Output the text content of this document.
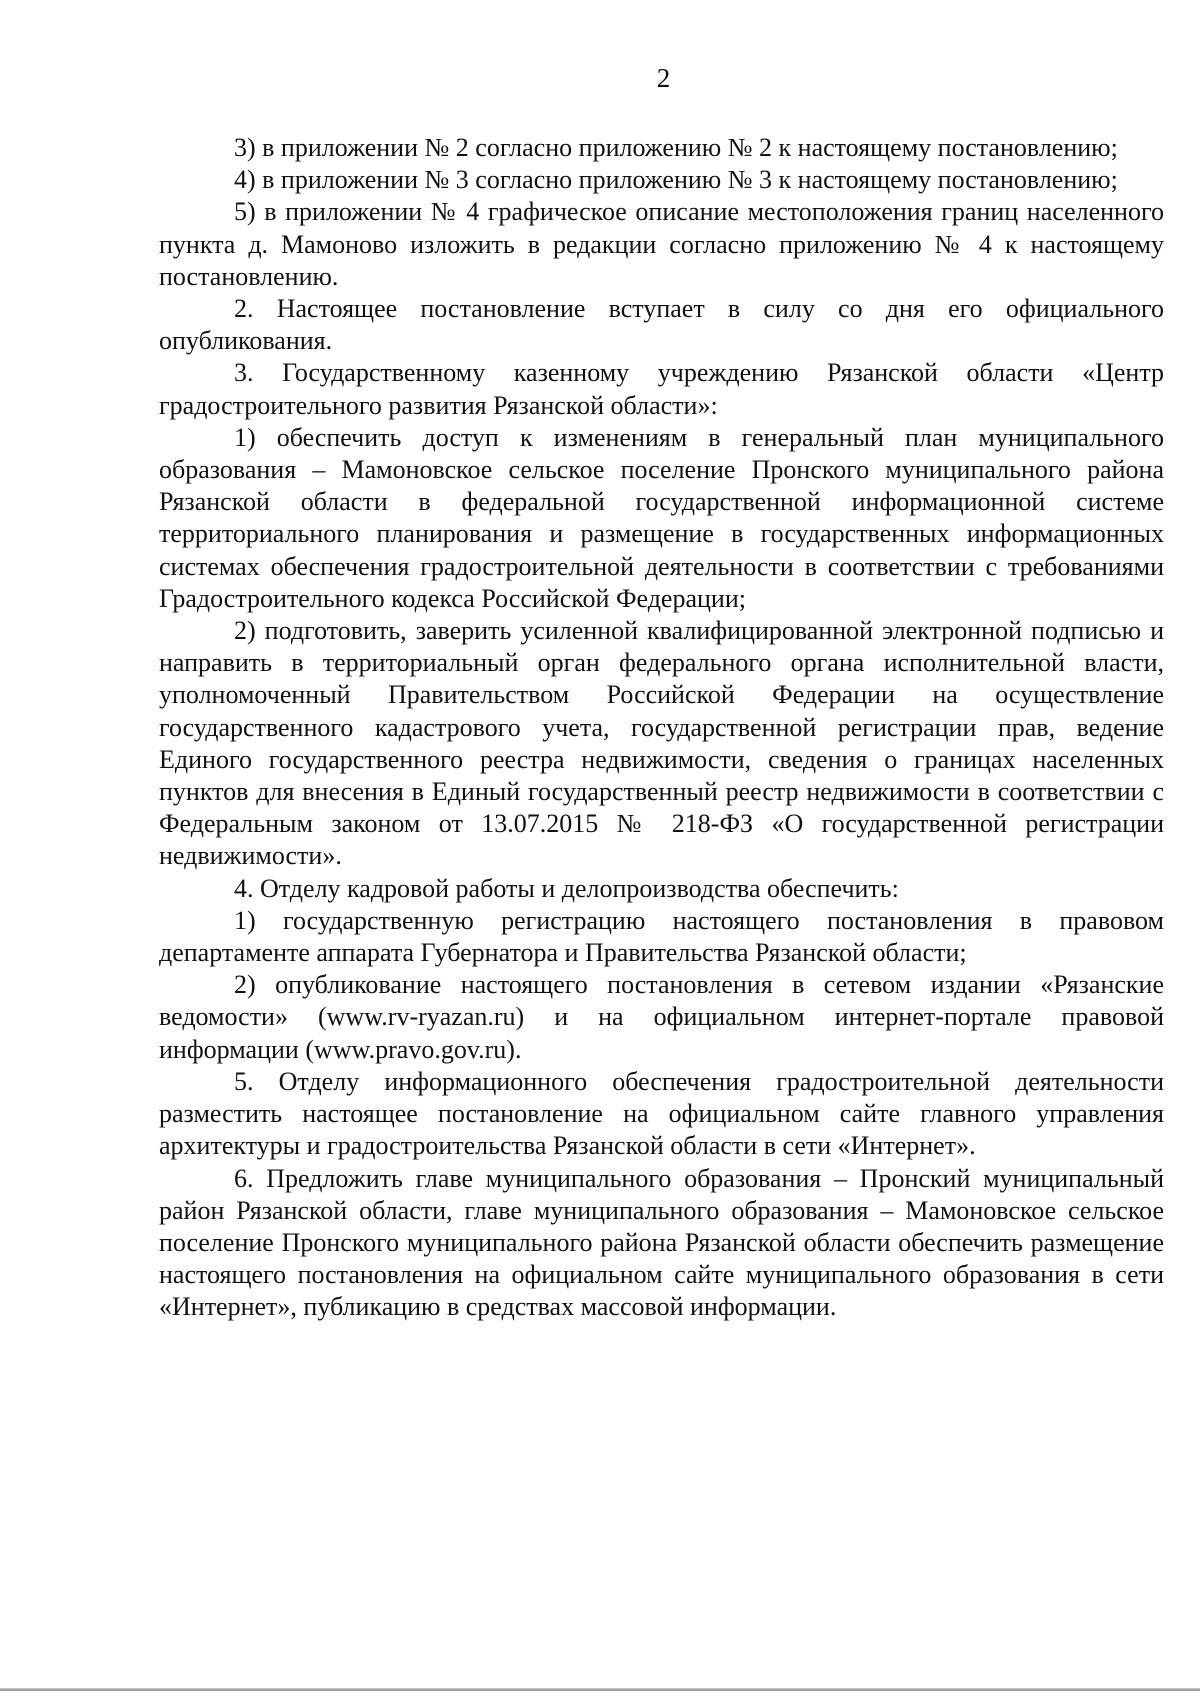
2

3) в приложении № 2 согласно приложению № 2 к настоящему постановлению;

4) в приложении № 3 согласно приложению № 3 к настоящему постановлению;

5) в приложении № 4 графическое описание местоположения границ населенного пункта д. Мамоново изложить в редакции согласно приложению № 4 к настоящему постановлению.

2. Настоящее постановление вступает в силу со дня его официального опубликования.

3. Государственному казенному учреждению Рязанской области «Центр градостроительного развития Рязанской области»:

1) обеспечить доступ к изменениям в генеральный план муниципального образования – Мамоновское сельское поселение Пронского муниципального района Рязанской области в федеральной государственной информационной системе территориального планирования и размещение в государственных информационных системах обеспечения градостроительной деятельности в соответствии с требованиями Градостроительного кодекса Российской Федерации;

2) подготовить, заверить усиленной квалифицированной электронной подписью и направить в территориальный орган федерального органа исполнительной власти, уполномоченный Правительством Российской Федерации на осуществление государственного кадастрового учета, государственной регистрации прав, ведение Единого государственного реестра недвижимости, сведения о границах населенных пунктов для внесения в Единый государственный реестр недвижимости в соответствии с Федеральным законом от 13.07.2015 № 218-ФЗ «О государственной регистрации недвижимости».

4. Отделу кадровой работы и делопроизводства обеспечить:

1) государственную регистрацию настоящего постановления в правовом департаменте аппарата Губернатора и Правительства Рязанской области;

2) опубликование настоящего постановления в сетевом издании «Рязанские ведомости» (www.rv-ryazan.ru) и на официальном интернет-портале правовой информации (www.pravo.gov.ru).

5. Отделу информационного обеспечения градостроительной деятельности разместить настоящее постановление на официальном сайте главного управления архитектуры и градостроительства Рязанской области в сети «Интернет».

6. Предложить главе муниципального образования – Пронский муниципальный район Рязанской области, главе муниципального образования – Мамоновское сельское поселение Пронского муниципального района Рязанской области обеспечить размещение настоящего постановления на официальном сайте муниципального образования в сети «Интернет», публикацию в средствах массовой информации.
